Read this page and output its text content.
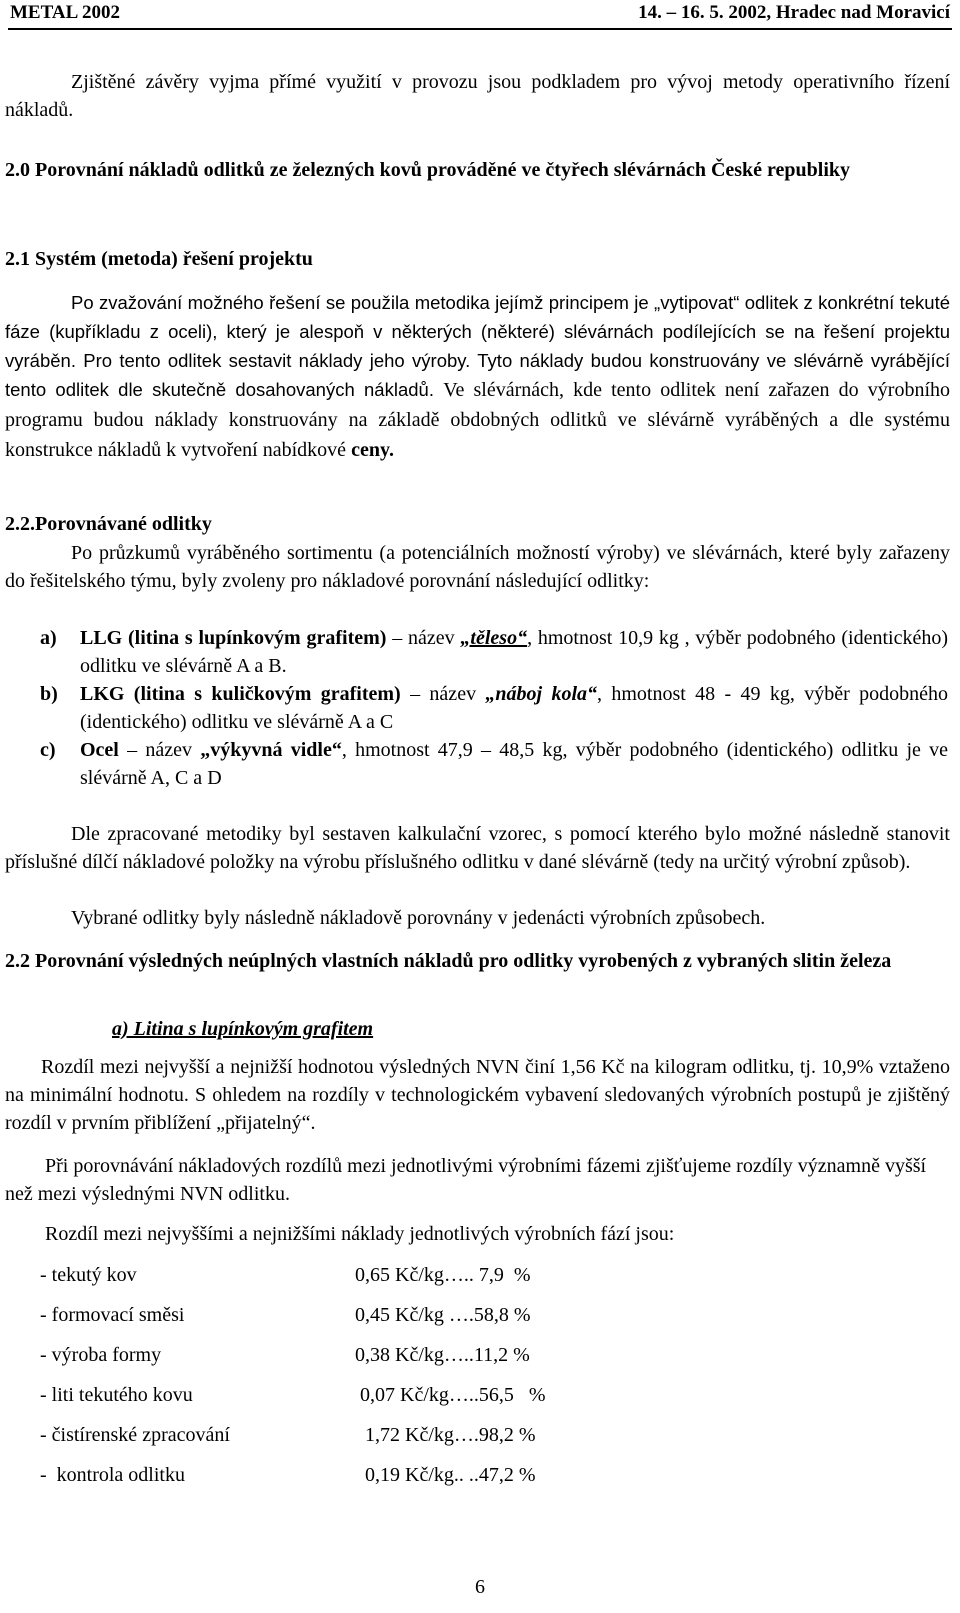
METAL 2002	14. – 16. 5. 2002, Hradec nad Moravicí
Zjištěné závěry vyjma přímé využití v provozu jsou podkladem pro vývoj metody operativního řízení nákladů.
2.0 Porovnání nákladů odlitků ze železných kovů prováděné ve čtyřech slévárnách České republiky
2.1 Systém (metoda) řešení projektu
Po zvažování možného řešení se použila metodika jejímž principem je „vytipovat“ odlitek z konkrétní tekuté fáze (kupříkladu z oceli), který je alespoň v některých (některé) slévárnách podílejících se na řešení projektu vyráběn. Pro tento odlitek sestavit náklady jeho výroby. Tyto náklady budou konstruovány ve slévárně vyrábějící tento odlitek dle skutečně dosahovaných nákladů. Ve slévárnách, kde tento odlitek není zařazen do výrobního programu budou náklady konstruovány na základě obdobných odlitků ve slévárně vyráběných a dle systému konstrukce nákladů k vytvoření nabídkové ceny.
2.2.Porovnávané odlitky
Po průzkumů vyráběného sortimentu (a potenciálních možností výroby) ve slévárnách, které byly zařazeny do řešitelského týmu, byly zvoleny pro nákladové porovnání následující odlitky:
a)	LLG (litina s lupínkovým grafitem) – název „těleso“, hmotnost 10,9 kg , výběr podobného (identického) odlitku ve slévárně A a B.
b)	LKG (litina s kuličkovým grafitem) – název „náboj kola“, hmotnost 48 - 49 kg, výběr podobného (identického) odlitku ve slévárně A a C
c)	Ocel – název „výkyvná vidle“, hmotnost 47,9 – 48,5 kg, výběr podobného (identického) odlitku je ve slévárně A, C a D
Dle zpracované metodiky byl sestaven kalkulační vzorec, s pomocí kterého bylo možné následně stanovit příslušné dílčí nákladové položky na výrobu příslušného odlitku v dané slévárně (tedy na určitý výrobní způsob).
Vybrané odlitky byly následně nákladově porovnány v jedenácti výrobních způsobech.
2.2 Porovnání výsledných neúplných vlastních nákladů pro odlitky vyrobených z vybraných slitin železa
a) Litina s lupínkovým grafitem
Rozdíl mezi nejvyšší a nejnižší hodnotou výsledných NVN činí 1,56 Kč na kilogram odlitku, tj. 10,9% vztaženo na minimální hodnotu. S ohledem na rozdíly v technologickém vybavení sledovaných výrobních postupů je zjištěný rozdíl v prvním přiblížení „přijatelný“.
Při porovnávání nákladových rozdílů mezi jednotlivými výrobními fázemi zjišťujeme rozdíly významně vyšší než mezi výslednými NVN odlitku.
Rozdíl mezi nejvyššími a nejnižšími náklady jednotlivých výrobních fází jsou:
- tekutý kov	0,65 Kč/kg….. 7,9  %
- formovací směsi	0,45 Kč/kg ….58,8 %
- výroba formy	0,38 Kč/kg…..11,2 %
- liti tekutého kovu	0,07 Kč/kg…..56,5   %
- čistírenské zpracování	1,72 Kč/kg….98,2 %
-  kontrola odlitku	0,19 Kč/kg.. ..47,2 %
6
